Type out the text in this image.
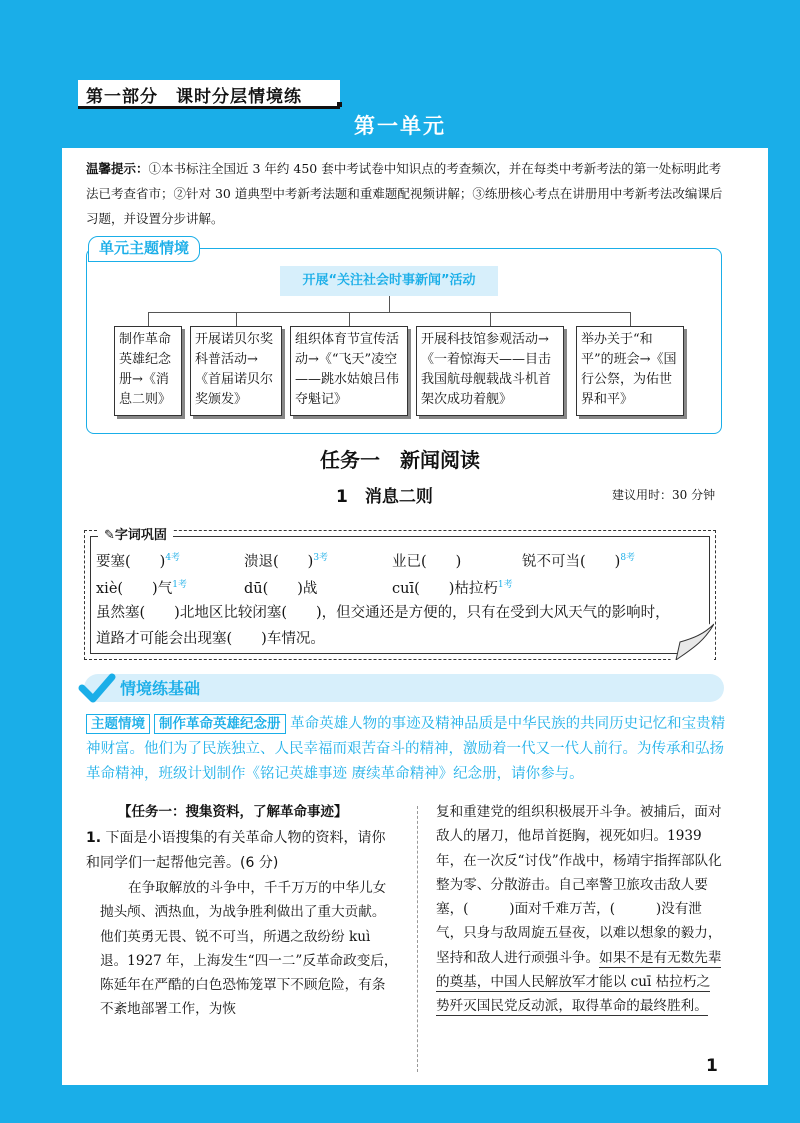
第一部分　课时分层情境练
第一单元
温馨提示：①本书标注全国近 3 年约 450 套中考试卷中知识点的考查频次，并在每类中考新考法的第一处标明此考法已考查省市；②针对 30 道典型中考新考法题和重难题配视频讲解；③练册核心考点在讲册用中考新考法改编课后习题，并设置分步讲解。
单元主题情境
开展“关注社会时事新闻”活动
制作革命英雄纪念册→《消息二则》
开展诺贝尔奖科普活动→《首届诺贝尔奖颁发》
组织体育节宣传活动→《“飞天”凌空——跳水姑娘吕伟夺魁记》
开展科技馆参观活动→《一着惊海天——目击我国航母舰载战斗机首架次成功着舰》
举办关于“和平”的班会→《国行公祭，为佑世界和平》
任务一　新闻阅读
1　消息二则	建议用时：30 分钟
✎字词巩固
要塞(　　)$^{4考}$	溃退(　　)$^{3考}$	业已(　　)	锐不可当(　　)$^{8考}$
xiè(　　)气$^{1考}$	dū(　　)战	cuī(　　)枯拉朽$^{1考}$
虽然塞(　　)北地区比较闭塞(　　)，但交通还是方便的，只有在受到大风天气的影响时，
道路才可能会出现塞(　　)车情况。
情境练基础
主题情境 制作革命英雄纪念册 革命英雄人物的事迹及精神品质是中华民族的共同历史记忆和宝贵精神财富。他们为了民族独立、人民幸福而艰苦奋斗的精神，激励着一代又一代人前行。为传承和弘扬革命精神，班级计划制作《铭记英雄事迹 赓续革命精神》纪念册，请你参与。
【任务一：搜集资料，了解革命事迹】
1. 下面是小语搜集的有关革命人物的资料，请你和同学们一起帮他完善。(6 分)
在争取解放的斗争中，千千万万的中华儿女抛头颅、洒热血，为战争胜利做出了重大贡献。他们英勇无畏、锐不可当，所遇之敌纷纷 kuì 退。1927 年，上海发生“四一二”反革命政变后，陈延年在严酷的白色恐怖笼罩下不顾危险，有条不紊地部署工作，为恢
复和重建党的组织积极展开斗争。被捕后，面对敌人的屠刀，他昂首挺胸，视死如归。1939 年，在一次反“讨伐”作战中，杨靖宇指挥部队化整为零、分散游击。自己率警卫旅攻击敌人要塞，(　　　)面对千难万苦，(　　　)没有泄气，只身与敌周旋五昼夜，以难以想象的毅力，坚持和敌人进行顽强斗争。如果不是有无数先辈的奠基，中国人民解放军才能以 cuī 枯拉朽之势歼灭国民党反动派，取得革命的最终胜利。
1
